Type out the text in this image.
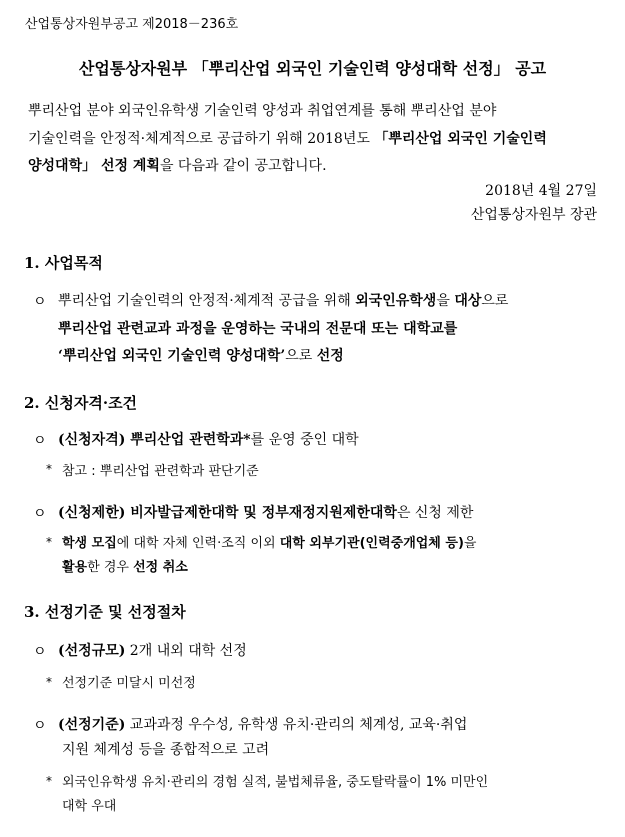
산업통상자원부공고 제2018－236호
산업통상자원부 「뿌리산업 외국인 기술인력 양성대학 선정」 공고
뿌리산업 분야 외국인유학생 기술인력 양성과 취업연계를 통해 뿌리산업 분야
기술인력을 안정적·체계적으로 공급하기 위해 2018년도 「뿌리산업 외국인 기술인력
양성대학」 선정 계획을 다음과 같이 공고합니다.
2018년 4월 27일
산업통상자원부 장관
1. 사업목적
ㅇ 뿌리산업 기술인력의 안정적·체계적 공급을 위해 외국인유학생을 대상으로
뿌리산업 관련교과 과정을 운영하는 국내의 전문대 또는 대학교를
‘뿌리산업 외국인 기술인력 양성대학’으로 선정
2. 신청자격·조건
ㅇ (신청자격) 뿌리산업 관련학과*를 운영 중인 대학
* 참고 : 뿌리산업 관련학과 판단기준
ㅇ (신청제한) 비자발급제한대학 및 정부재정지원제한대학은 신청 제한
* 학생 모집에 대학 자체 인력·조직 이외 대학 외부기관(인력중개업체 등)을
활용한 경우 선정 취소
3. 선정기준 및 선정절차
ㅇ (선정규모) 2개 내외 대학 선정
* 선정기준 미달시 미선정
ㅇ (선정기준) 교과과정 우수성, 유학생 유치·관리의 체계성, 교육·취업
지원 체계성 등을 종합적으로 고려
* 외국인유학생 유치·관리의 경험 실적, 불법체류율, 중도탈락률이 1% 미만인
대학 우대
